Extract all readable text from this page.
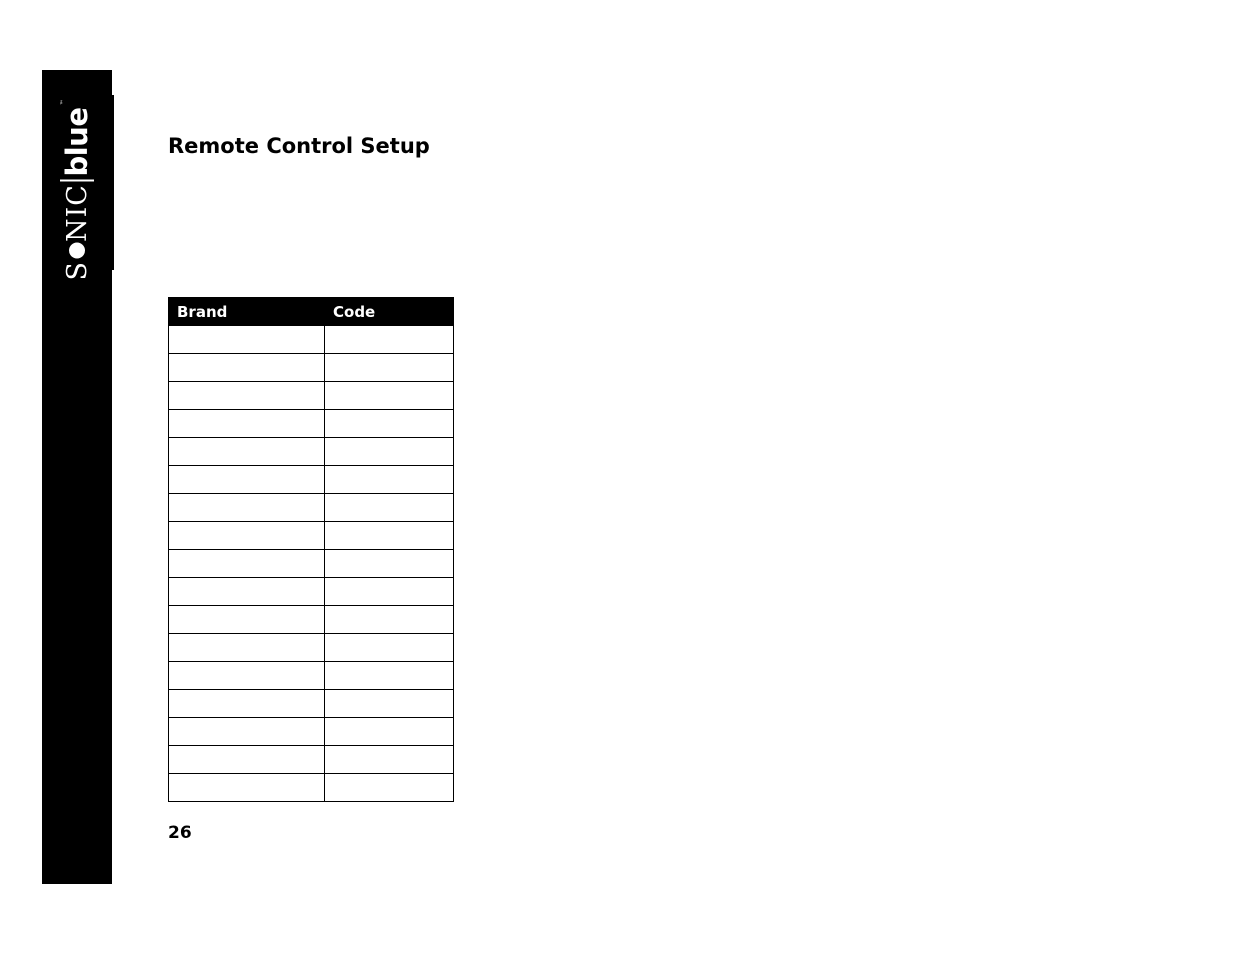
S
NIC
blue
™
Remote Control Setup
Brand	Code

26
